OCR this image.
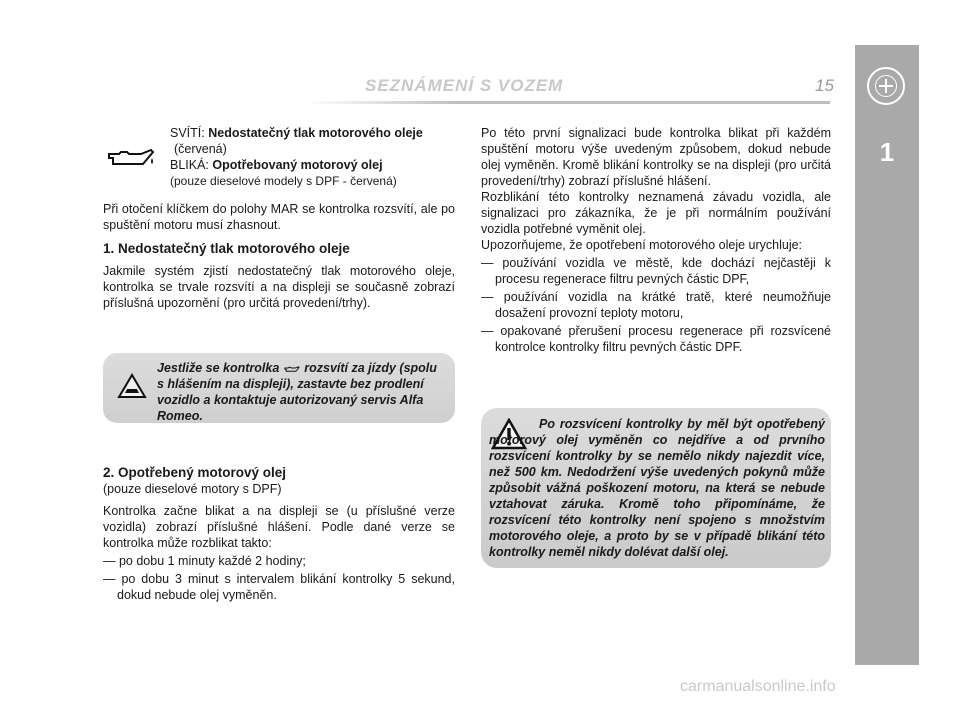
1
SEZNÁMENÍ S VOZEM	15
SVÍTÍ: Nedostatečný tlak motorového oleje
(červená)
BLIKÁ: Opotřebovaný motorový olej
(pouze dieselové modely s DPF - červená)

Při otočení klíčkem do polohy MAR se kontrolka rozsvítí, ale po spuštění motoru musí zhasnout.

1. Nedostatečný tlak motorového oleje

Jakmile systém zjistí nedostatečný tlak motorového oleje, kontrolka se trvale rozsvítí a na displeji se současně zobrazí příslušná upozornění (pro určitá provedení/trhy).

Jestliže se kontrolka rozsvítí za jízdy (spolu s hlášením na displeji), zastavte bez prodlení vozidlo a kontaktuje autorizovaný servis Alfa Romeo.
2. Opotřebený motorový olej
(pouze dieselové motory s DPF)

Kontrolka začne blikat a na displeji se (u příslušné verze vozidla) zobrazí příslušné hlášení. Podle dané verze se kontrolka může rozblikat takto:

— po dobu 1 minuty každé 2 hodiny;

— po dobu 3 minut s intervalem blikání kontrolky 5 sekund, dokud nebude olej vyměněn.

Po této první signalizaci bude kontrolka blikat při každém spuštění motoru výše uvedeným způsobem, dokud nebude olej vyměněn. Kromě blikání kontrolky se na displeji (pro určitá provedení/trhy) zobrazí příslušné hlášení.

Rozblikání této kontrolky neznamená závadu vozidla, ale signalizaci pro zákazníka, že je při normálním používání vozidla potřebné vyměnit olej.

Upozorňujeme, že opotřebení motorového oleje urychluje:

— používání vozidla ve městě, kde dochází nejčastěji k procesu regenerace filtru pevných částic DPF,

— používání vozidla na krátké tratě, které neumožňuje dosažení provozní teploty motoru,

— opakované přerušení procesu regenerace při rozsvícené kontrolce kontrolky filtru pevných částic DPF.

Po rozsvícení kontrolky by měl být opotřebený motorový olej vyměněn co nejdříve a od prvního rozsvícení kontrolky by se nemělo nikdy najezdit více, než 500 km. Nedodržení výše uvedených pokynů může způsobit vážná poškození motoru, na která se nebude vztahovat záruka. Kromě toho připomínáme, že rozsvícení této kontrolky není spojeno s množstvím motorového oleje, a proto by se v případě blikání této kontrolky neměl nikdy dolévat další olej.
carmanualsonline.info
